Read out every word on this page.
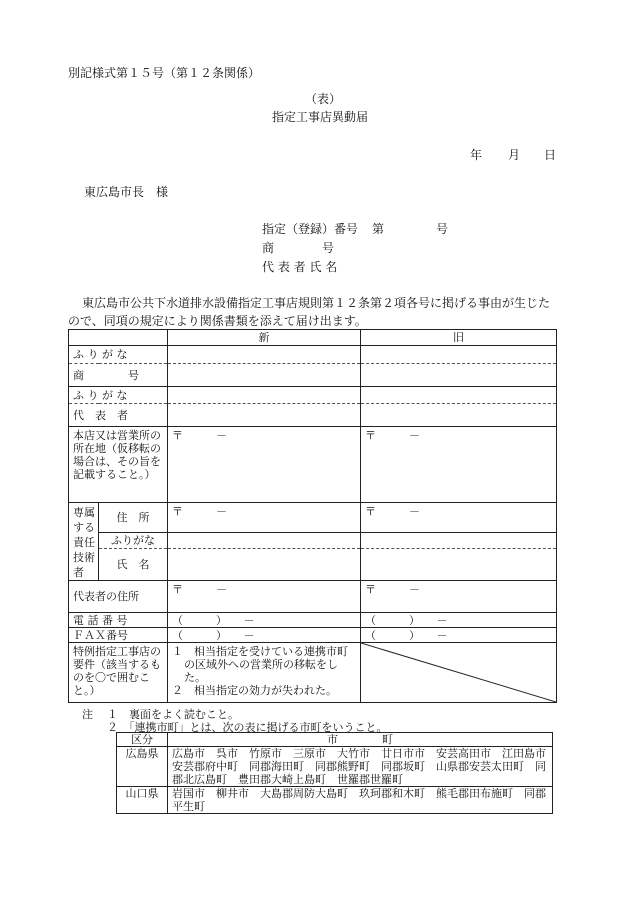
別記様式第１５号（第１２条関係）
（表）
指定工事店異動届
年 月 日
東広島市長　様
指定（登録）番号 第	号
商　　　　号
代 表 者 氏 名
東広島市公共下水道排水設備指定工事店規則第１２条第２項各号に掲げる事由が生じたので、同項の規定により関係書類を添えて届け出ます。
		新	旧

ふ り が な			

商　　　　号			

ふ り が な			

代　表　者			
本店又は営業所の所在地（仮移転の場合は、その旨を記載すること。）		〒　　　－	〒　　　－
専属する責任技術者	住　所	〒　　　－	〒　　　－
	ふりがな		
	氏　名		

代表者の住所		〒　　　－	〒　　　－

電 話 番 号		（　　　）　　－	（　　　）　　－

ＦＡＸ番号		（　　　）　　－	（　　　）　　－
特例指定工事店の要件（該当するものを〇で囲むこと。）		１　相当指定を受けている連携市町の区域外への営業所の移転をした。
２　相当指定の効力が失われた。

注 １　裏面をよく読むこと。
２　「連携市町」とは、次の表に掲げる市町をいうこと。
区分	市　　　　町
広島県	広島市　呉市　竹原市　三原市　大竹市　廿日市市　安芸高田市　江田島市　安芸郡府中町　同郡海田町　同郡熊野町　同郡坂町　山県郡安芸太田町　同郡北広島町　豊田郡大崎上島町　世羅郡世羅町
山口県	岩国市　柳井市　大島郡周防大島町　玖珂郡和木町　熊毛郡田布施町　同郡平生町
